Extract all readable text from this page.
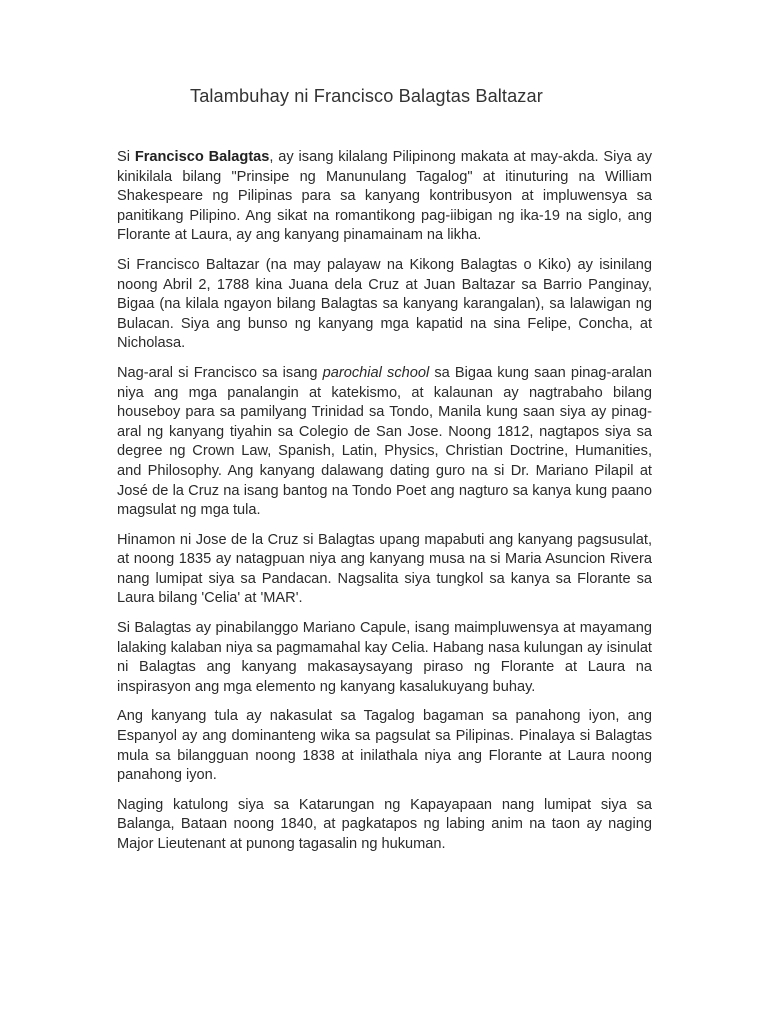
Talambuhay ni Francisco Balagtas Baltazar

Si Francisco Balagtas, ay isang kilalang Pilipinong makata at may-akda. Siya ay kinikilala bilang "Prinsipe ng Manunulang Tagalog" at itinuturing na William Shakespeare ng Pilipinas para sa kanyang kontribusyon at impluwensya sa panitikang Pilipino. Ang sikat na romantikong pag-iibigan ng ika-19 na siglo, ang Florante at Laura, ay ang kanyang pinamainam na likha.

Si Francisco Baltazar (na may palayaw na Kikong Balagtas o Kiko) ay isinilang noong Abril 2, 1788 kina Juana dela Cruz at Juan Baltazar sa Barrio Panginay, Bigaa (na kilala ngayon bilang Balagtas sa kanyang karangalan), sa lalawigan ng Bulacan. Siya ang bunso ng kanyang mga kapatid na sina Felipe, Concha, at Nicholasa.

Nag-aral si Francisco sa isang parochial school sa Bigaa kung saan pinag-aralan niya ang mga panalangin at katekismo, at kalaunan ay nagtrabaho bilang houseboy para sa pamilyang Trinidad sa Tondo, Manila kung saan siya ay pinag-aral ng kanyang tiyahin sa Colegio de San Jose. Noong 1812, nagtapos siya sa degree ng Crown Law, Spanish, Latin, Physics, Christian Doctrine, Humanities, and Philosophy. Ang kanyang dalawang dating guro na si Dr. Mariano Pilapil at José de la Cruz na isang bantog na Tondo Poet ang nagturo sa kanya kung paano magsulat ng mga tula.

Hinamon ni Jose de la Cruz si Balagtas upang mapabuti ang kanyang pagsusulat, at noong 1835 ay natagpuan niya ang kanyang musa na si Maria Asuncion Rivera nang lumipat siya sa Pandacan. Nagsalita siya tungkol sa kanya sa Florante sa Laura bilang 'Celia' at 'MAR'.

Si Balagtas ay pinabilanggo Mariano Capule, isang maimpluwensya at mayamang lalaking kalaban niya sa pagmamahal kay Celia. Habang nasa kulungan ay isinulat ni Balagtas ang kanyang makasaysayang piraso ng Florante at Laura na inspirasyon ang mga elemento ng kanyang kasalukuyang buhay.

Ang kanyang tula ay nakasulat sa Tagalog bagaman sa panahong iyon, ang Espanyol ay ang dominanteng wika sa pagsulat sa Pilipinas. Pinalaya si Balagtas mula sa bilangguan noong 1838 at inilathala niya ang Florante at Laura noong panahong iyon.

Naging katulong siya sa Katarungan ng Kapayapaan nang lumipat siya sa Balanga, Bataan noong 1840, at pagkatapos ng labing anim na taon ay naging Major Lieutenant at punong tagasalin ng hukuman.
